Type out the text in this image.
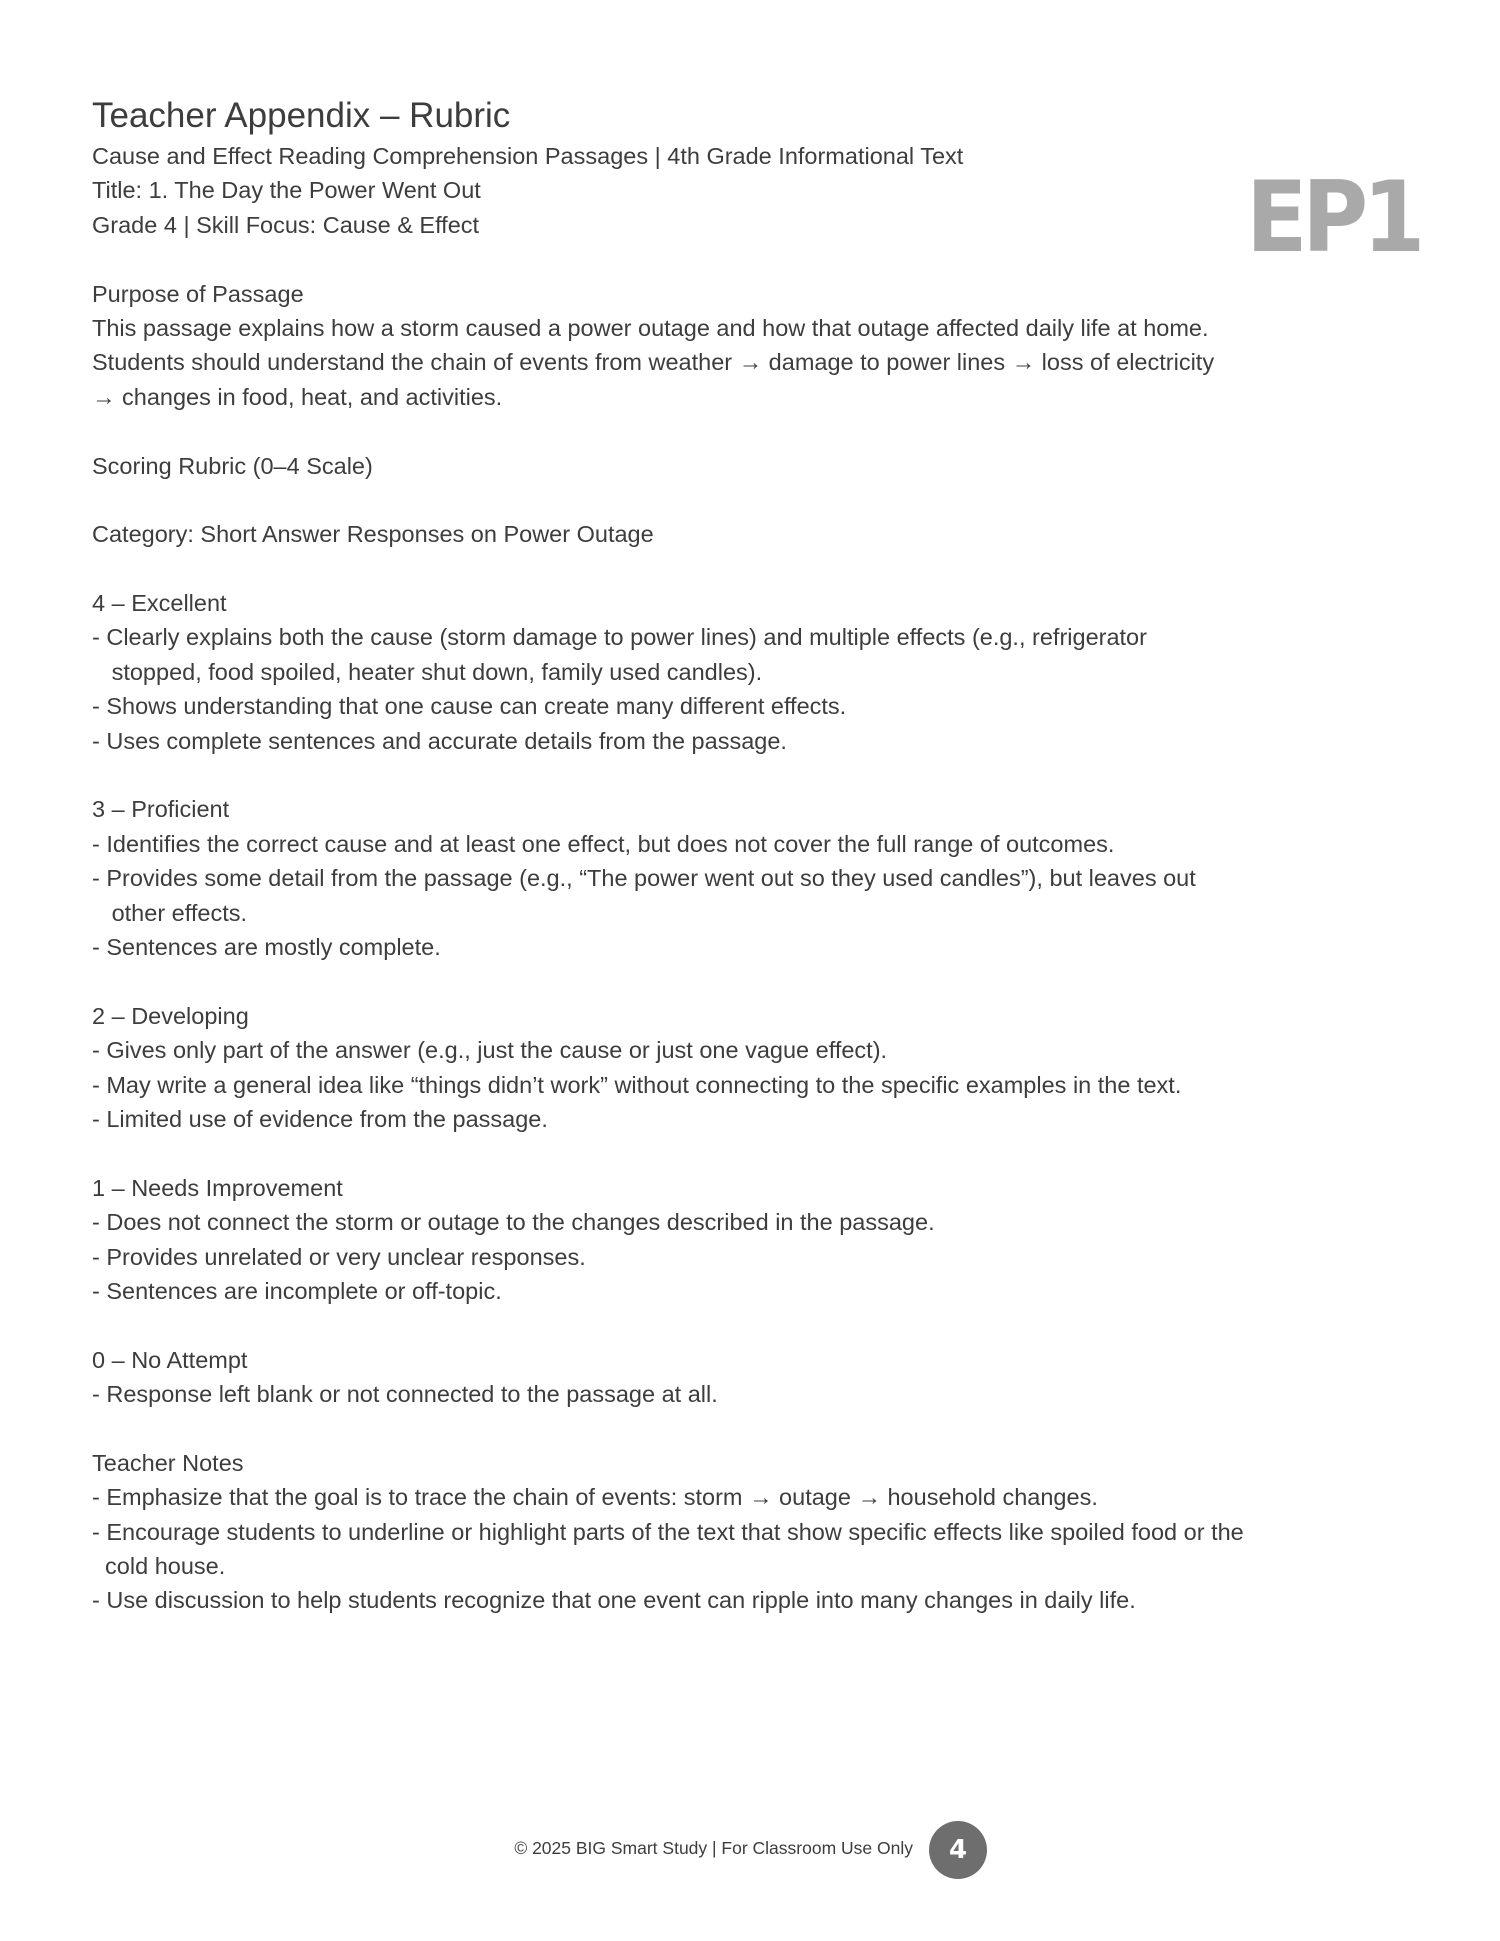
Teacher Appendix – Rubric
EP1
Cause and Effect Reading Comprehension Passages | 4th Grade Informational Text
Title: 1. The Day the Power Went Out
Grade 4 | Skill Focus: Cause & Effect
Purpose of Passage
This passage explains how a storm caused a power outage and how that outage affected daily life at home.
Students should understand the chain of events from weather → damage to power lines → loss of electricity
→ changes in food, heat, and activities.
Scoring Rubric (0–4 Scale)
Category: Short Answer Responses on Power Outage
4 – Excellent
- Clearly explains both the cause (storm damage to power lines) and multiple effects (e.g., refrigerator
stopped, food spoiled, heater shut down, family used candles).
- Shows understanding that one cause can create many different effects.
- Uses complete sentences and accurate details from the passage.
3 – Proficient
- Identifies the correct cause and at least one effect, but does not cover the full range of outcomes.
- Provides some detail from the passage (e.g., “The power went out so they used candles”), but leaves out
other effects.
- Sentences are mostly complete.
2 – Developing
- Gives only part of the answer (e.g., just the cause or just one vague effect).
- May write a general idea like “things didn’t work” without connecting to the specific examples in the text.
- Limited use of evidence from the passage.
1 – Needs Improvement
- Does not connect the storm or outage to the changes described in the passage.
- Provides unrelated or very unclear responses.
- Sentences are incomplete or off-topic.
0 – No Attempt
- Response left blank or not connected to the passage at all.
Teacher Notes
- Emphasize that the goal is to trace the chain of events: storm → outage → household changes.
- Encourage students to underline or highlight parts of the text that show specific effects like spoiled food or the
cold house.
- Use discussion to help students recognize that one event can ripple into many changes in daily life.
© 2025 BIG Smart Study | For Classroom Use Only	4
